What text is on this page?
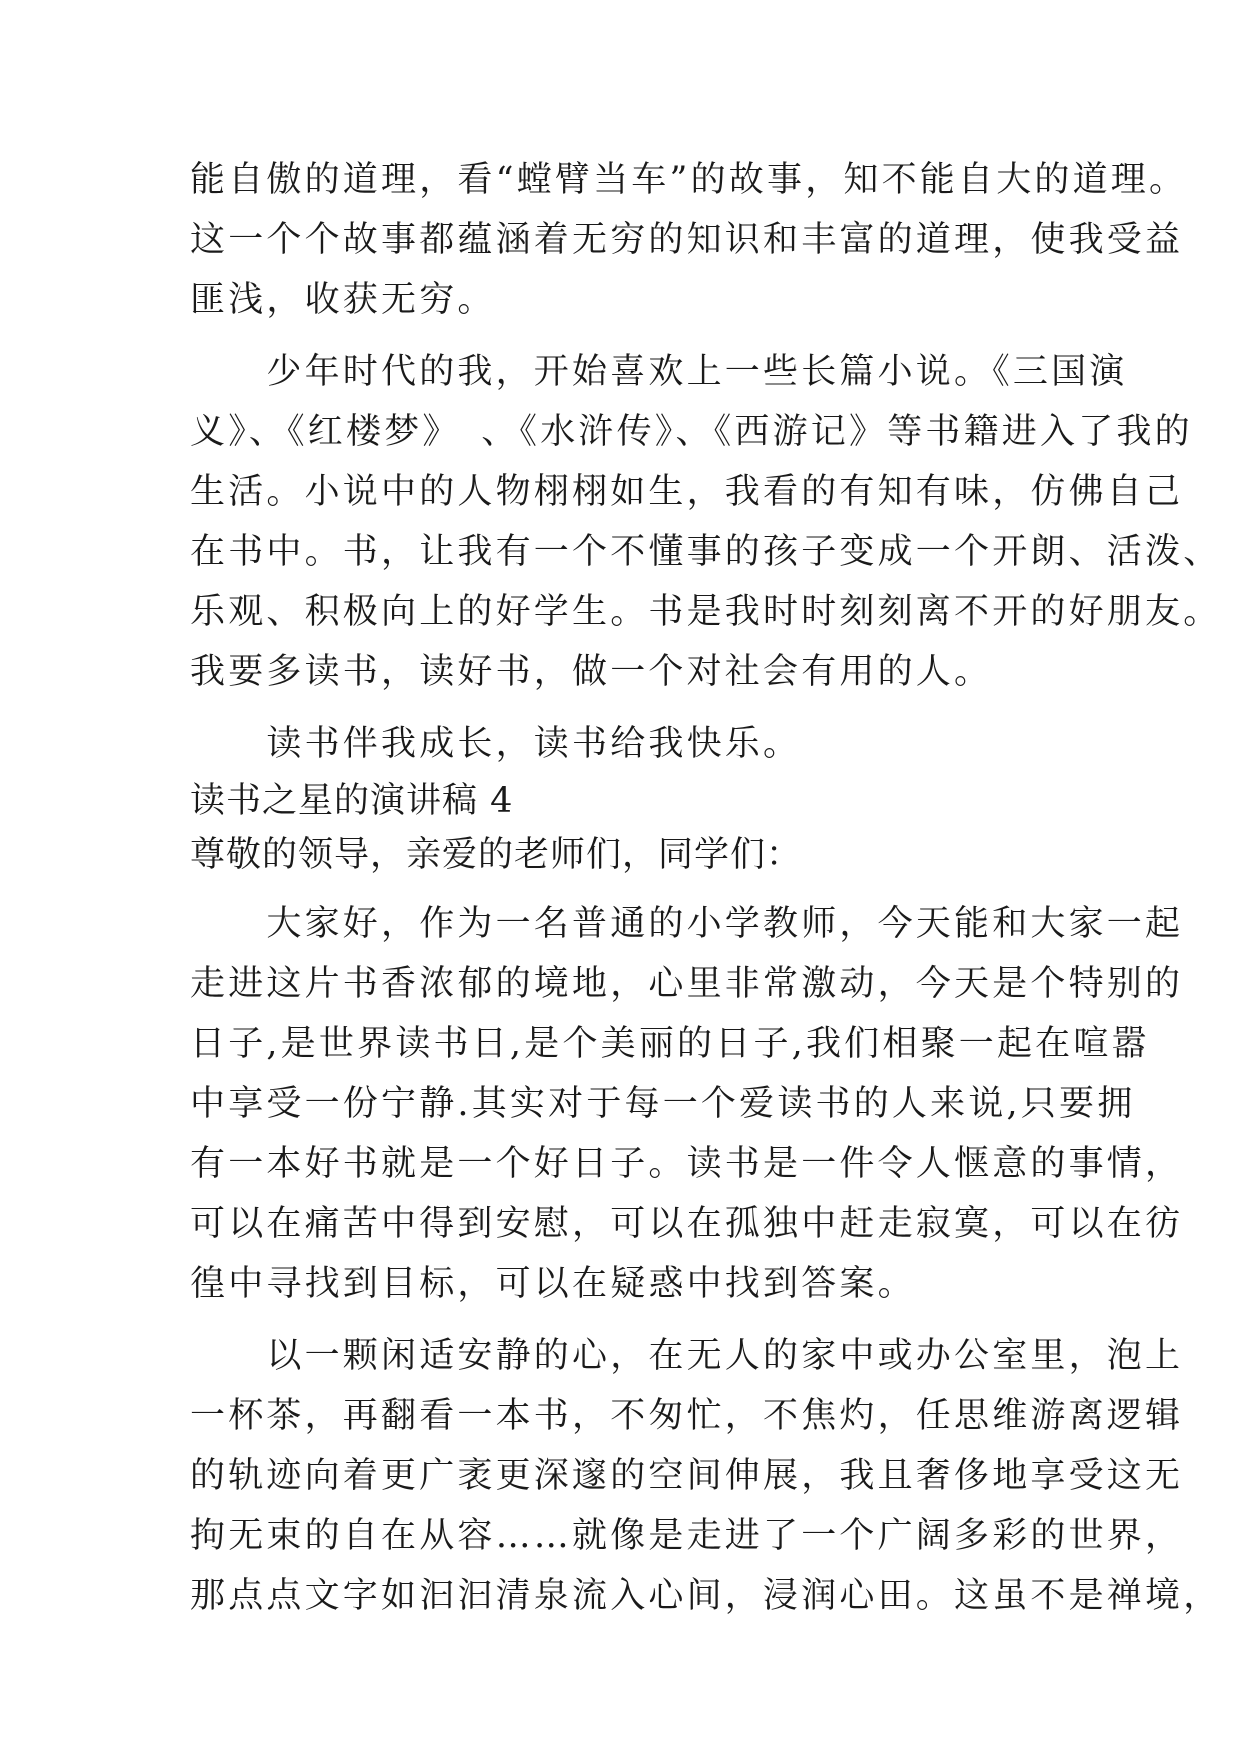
能自傲的道理，看“螳臂当车”的故事，知不能自大的道理。
这一个个故事都蕴涵着无穷的知识和丰富的道理，使我受益
匪浅，收获无穷。
　　少年时代的我，开始喜欢上一些长篇小说。《三国演
义》、《红楼梦》　、《水浒传》、《西游记》等书籍进入了我的
生活。小说中的人物栩栩如生，我看的有知有味，仿佛自己
在书中。书，让我有一个不懂事的孩子变成一个开朗、活泼、
乐观、积极向上的好学生。书是我时时刻刻离不开的好朋友。
我要多读书，读好书，做一个对社会有用的人。
　　读书伴我成长，读书给我快乐。
读书之星的演讲稿 4
尊敬的领导，亲爱的老师们，同学们：
　　大家好，作为一名普通的小学教师，今天能和大家一起
走进这片书香浓郁的境地，心里非常激动，今天是个特别的
日子,是世界读书日,是个美丽的日子,我们相聚一起在喧嚣
中享受一份宁静.其实对于每一个爱读书的人来说,只要拥
有一本好书就是一个好日子。读书是一件令人惬意的事情，
可以在痛苦中得到安慰，可以在孤独中赶走寂寞，可以在彷
徨中寻找到目标，可以在疑惑中找到答案。
　　以一颗闲适安静的心，在无人的家中或办公室里，泡上
一杯茶，再翻看一本书，不匆忙，不焦灼，任思维游离逻辑
的轨迹向着更广袤更深邃的空间伸展，我且奢侈地享受这无
拘无束的自在从容……就像是走进了一个广阔多彩的世界，
那点点文字如汩汩清泉流入心间，浸润心田。这虽不是禅境，
